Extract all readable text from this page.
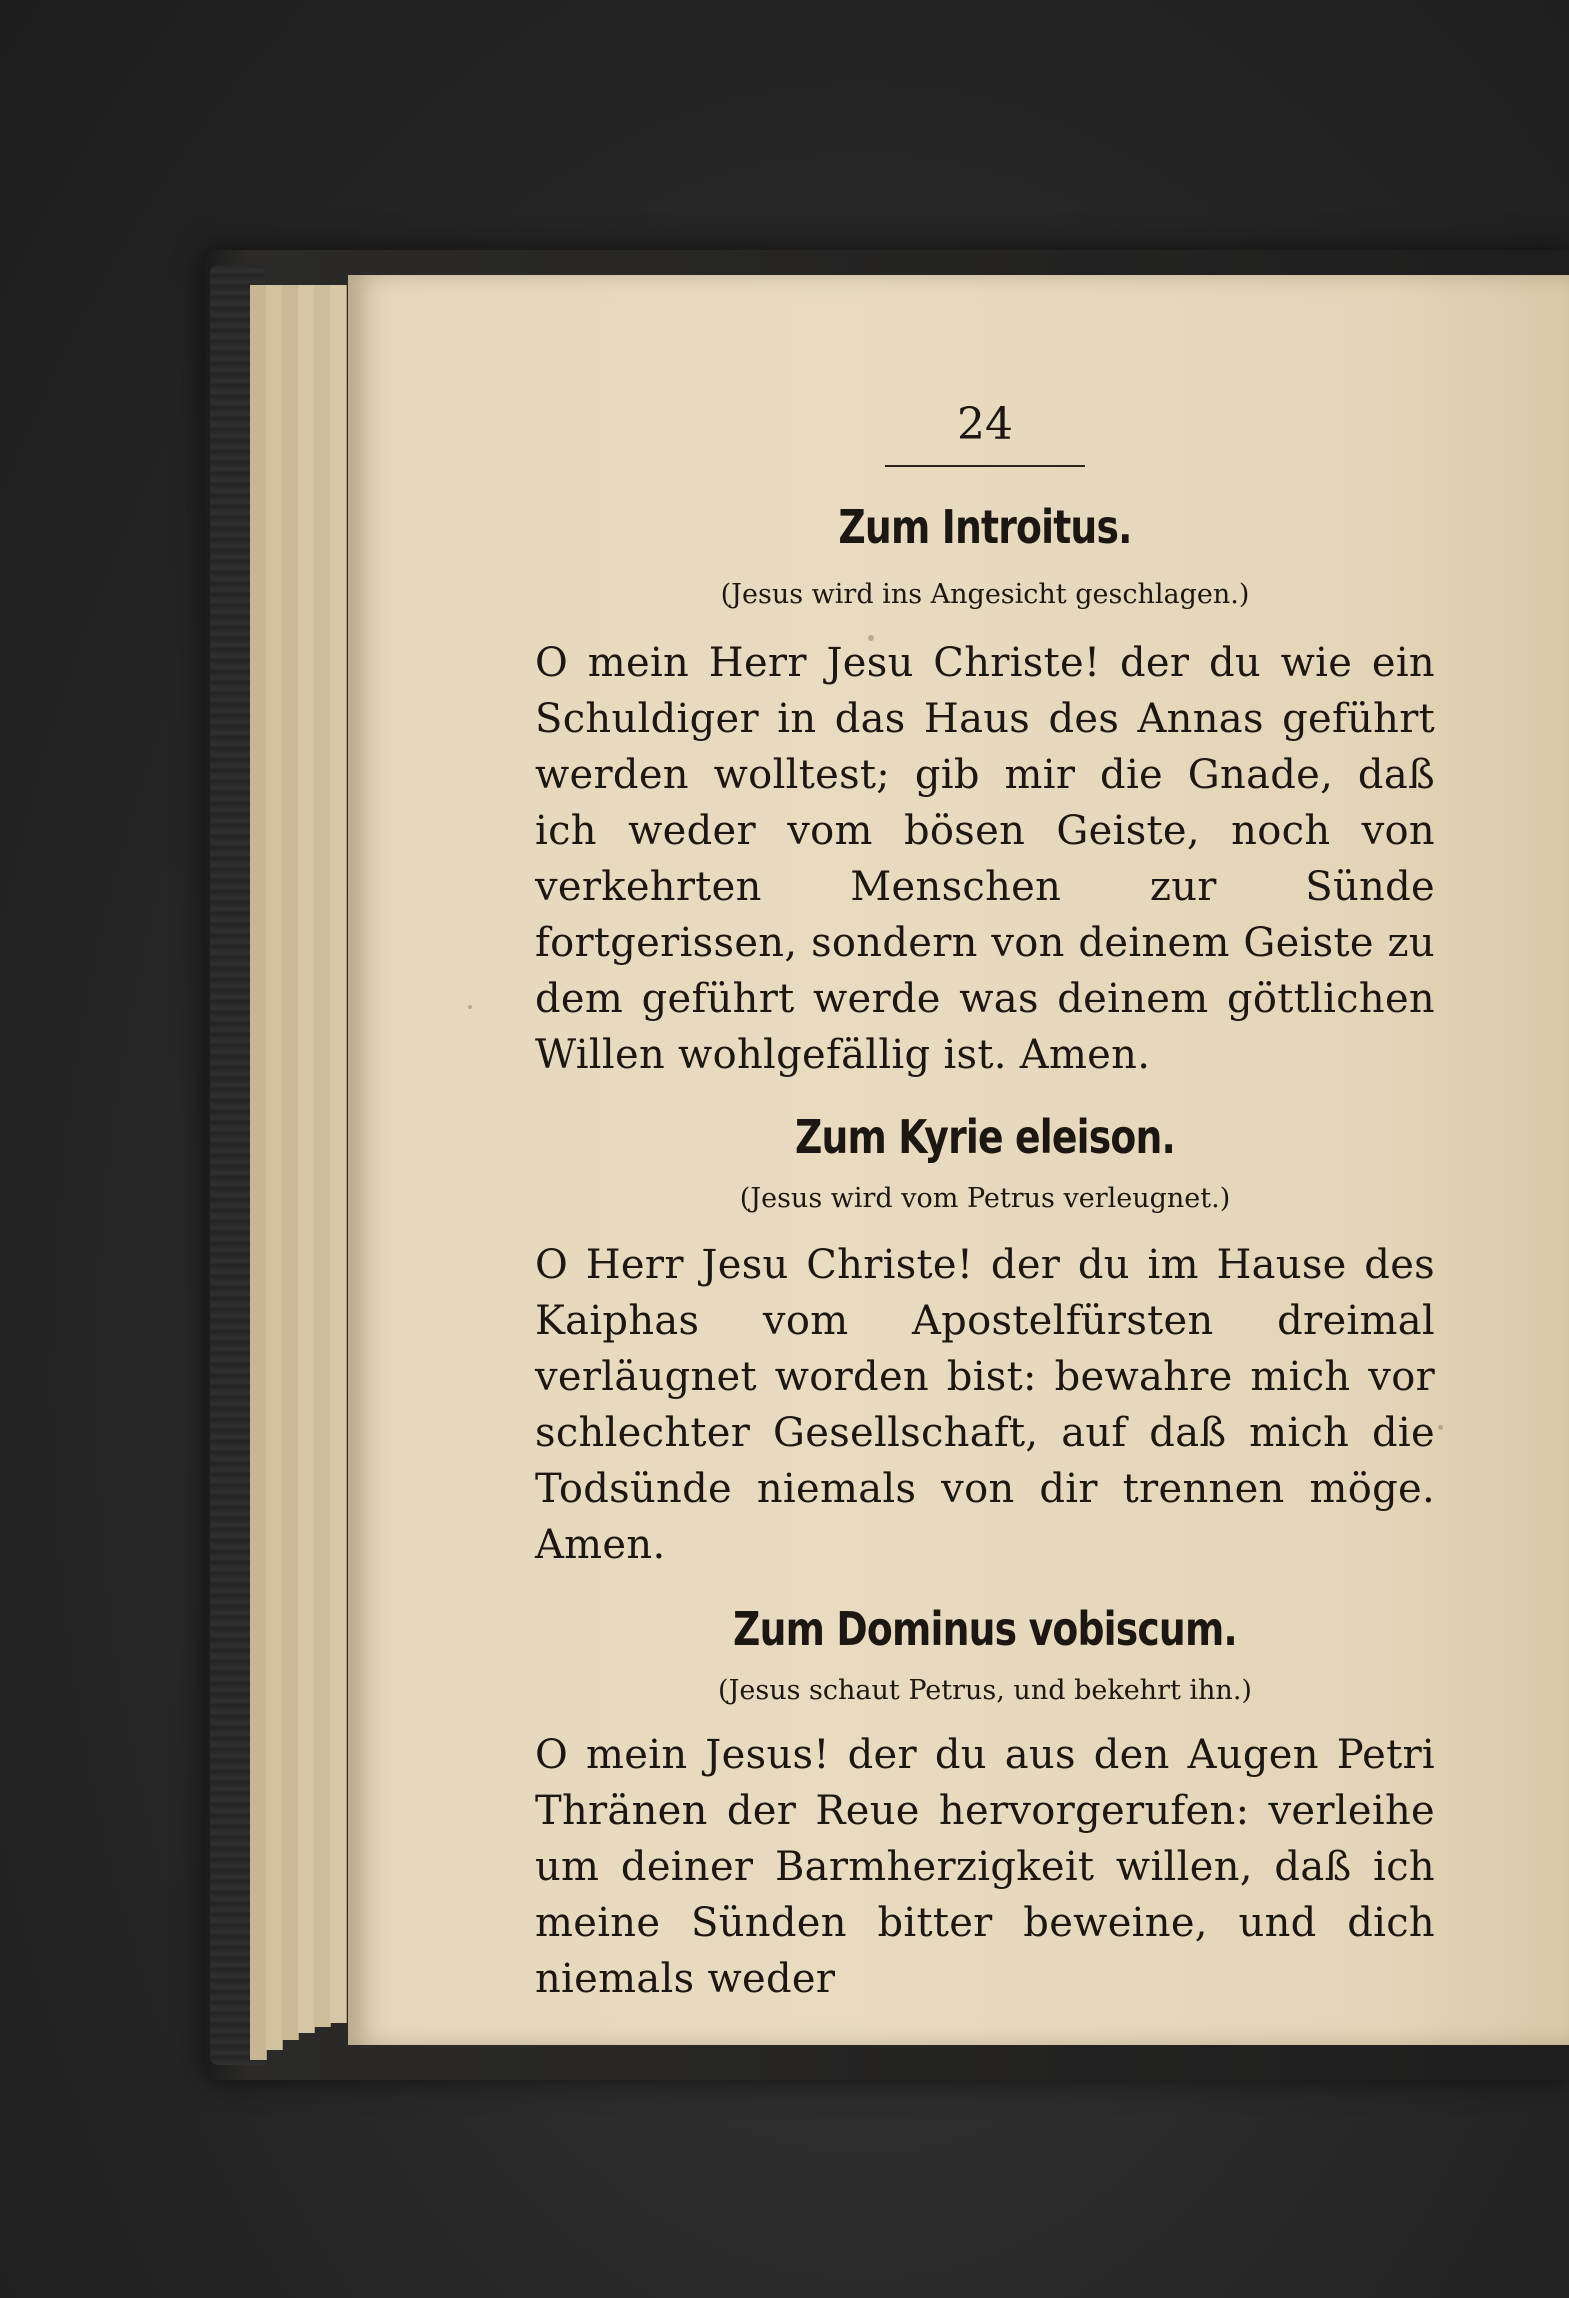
24

Zum Introitus.

(Jesus wird ins Angesicht geschlagen.)

O mein Herr Jesu Christe! der du wie ein Schuldiger in das Haus des Annas geführt werden wolltest; gib mir die Gnade, daß ich weder vom bösen Geiste, noch von verkehrten Menschen zur Sünde fortgerissen, sondern von deinem Geiste zu dem geführt werde was deinem göttlichen Willen wohlgefällig ist. Amen.

Zum Kyrie eleison.

(Jesus wird vom Petrus verleugnet.)

O Herr Jesu Christe! der du im Hause des Kaiphas vom Apostelfürsten dreimal verläugnet worden bist: bewahre mich vor schlechter Gesellschaft, auf daß mich die Todsünde niemals von dir trennen möge. Amen.

Zum Dominus vobiscum.

(Jesus schaut Petrus, und bekehrt ihn.)

O mein Jesus! der du aus den Augen Petri Thränen der Reue hervorgerufen: verleihe um deiner Barmherzigkeit willen, daß ich meine Sünden bitter beweine, und dich niemals weder
